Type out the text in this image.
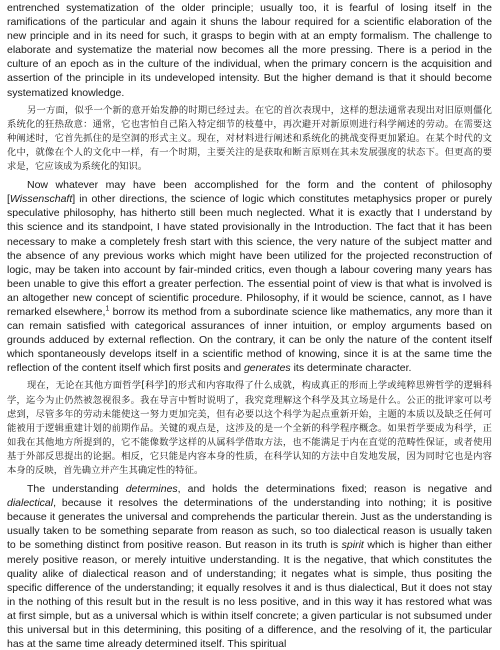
entrenched systematization of the older principle; usually too, it is fearful of losing itself in the ramifications of the particular and again it shuns the labour required for a scientific elaboration of the new principle and in its need for such, it grasps to begin with at an empty formalism. The challenge to elaborate and systematize the material now becomes all the more pressing. There is a period in the culture of an epoch as in the culture of the individual, when the primary concern is the acquisition and assertion of the principle in its undeveloped intensity. But the higher demand is that it should become systematized knowledge.

另一方面，似乎一个新的意开始发静的时期已经过去。在它的首次表现中，这样的想法通常表现出对旧原则僵化系统化的狂热敌意：通常，它也害怕自己陷入特定细节的枝蔓中，再次避开对新原则进行科学阐述的劳动。在需要这种阐述时，它首先抓住的是空洞的形式主义。现在，对材料进行阐述和系统化的挑战变得更加紧迫。在某个时代的文化中，就像在个人的文化中一样，有一个时期，主要关注的是获取和断言原则在其未发展强度的状态下。但更高的要求是，它应该成为系统化的知识。

Now whatever may have been accomplished for the form and the content of philosophy [Wissenschaft] in other directions, the science of logic which constitutes metaphysics proper or purely speculative philosophy, has hitherto still been much neglected. What it is exactly that I understand by this science and its standpoint, I have stated provisionally in the Introduction. The fact that it has been necessary to make a completely fresh start with this science, the very nature of the subject matter and the absence of any previous works which might have been utilized for the projected reconstruction of logic, may be taken into account by fair-minded critics, even though a labour covering many years has been unable to give this effort a greater perfection. The essential point of view is that what is involved is an altogether new concept of scientific procedure. Philosophy, if it would be science, cannot, as I have remarked elsewhere,$^1$ borrow its method from a subordinate science like mathematics, any more than it can remain satisfied with categorical assurances of inner intuition, or employ arguments based on grounds adduced by external reflection. On the contrary, it can be only the nature of the content itself which spontaneously develops itself in a scientific method of knowing, since it is at the same time the reflection of the content itself which first posits and generates its determinate character.

现在，无论在其他方面哲学[科学]的形式和内容取得了什么成就，构成真正的形而上学或纯粹思辨哲学的逻辑科学，迄今为止仍然被忽视很多。我在导言中暂时说明了，我究竟理解这个科学及其立场是什么。公正的批评家可以考虑到，尽管多年的劳动未能使这一努力更加完美，但有必要以这个科学为起点重新开始，主题的本质以及缺乏任何可能被用于逻辑重建计划的前期作品。关键的观点是，这涉及的是一个全新的科学程序概念。如果哲学要成为科学，正如我在其他地方所提到的，它不能像数学这样的从属科学借取方法，也不能满足于内在直觉的范畴性保证，或者使用基于外部反思提出的论据。相反，它只能是内容本身的性质，在科学认知的方法中自发地发展，因为同时它也是内容本身的反映，首先确立并产生其确定性的特征。

The understanding determines, and holds the determinations fixed; reason is negative and dialectical, because it resolves the determinations of the understanding into nothing; it is positive because it generates the universal and comprehends the particular therein. Just as the understanding is usually taken to be something separate from reason as such, so too dialectical reason is usually taken to be something distinct from positive reason. But reason in its truth is spirit which is higher than either merely positive reason, or merely intuitive understanding. It is the negative, that which constitutes the quality alike of dialectical reason and of understanding; it negates what is simple, thus positing the specific difference of the understanding; it equally resolves it and is thus dialectical, But it does not stay in the nothing of this result but in the result is no less positive, and in this way it has restored what was at first simple, but as a universal which is within itself concrete; a given particular is not subsumed under this universal but in this determining, this positing of a difference, and the resolving of it, the particular has at the same time already determined itself. This spiritual
